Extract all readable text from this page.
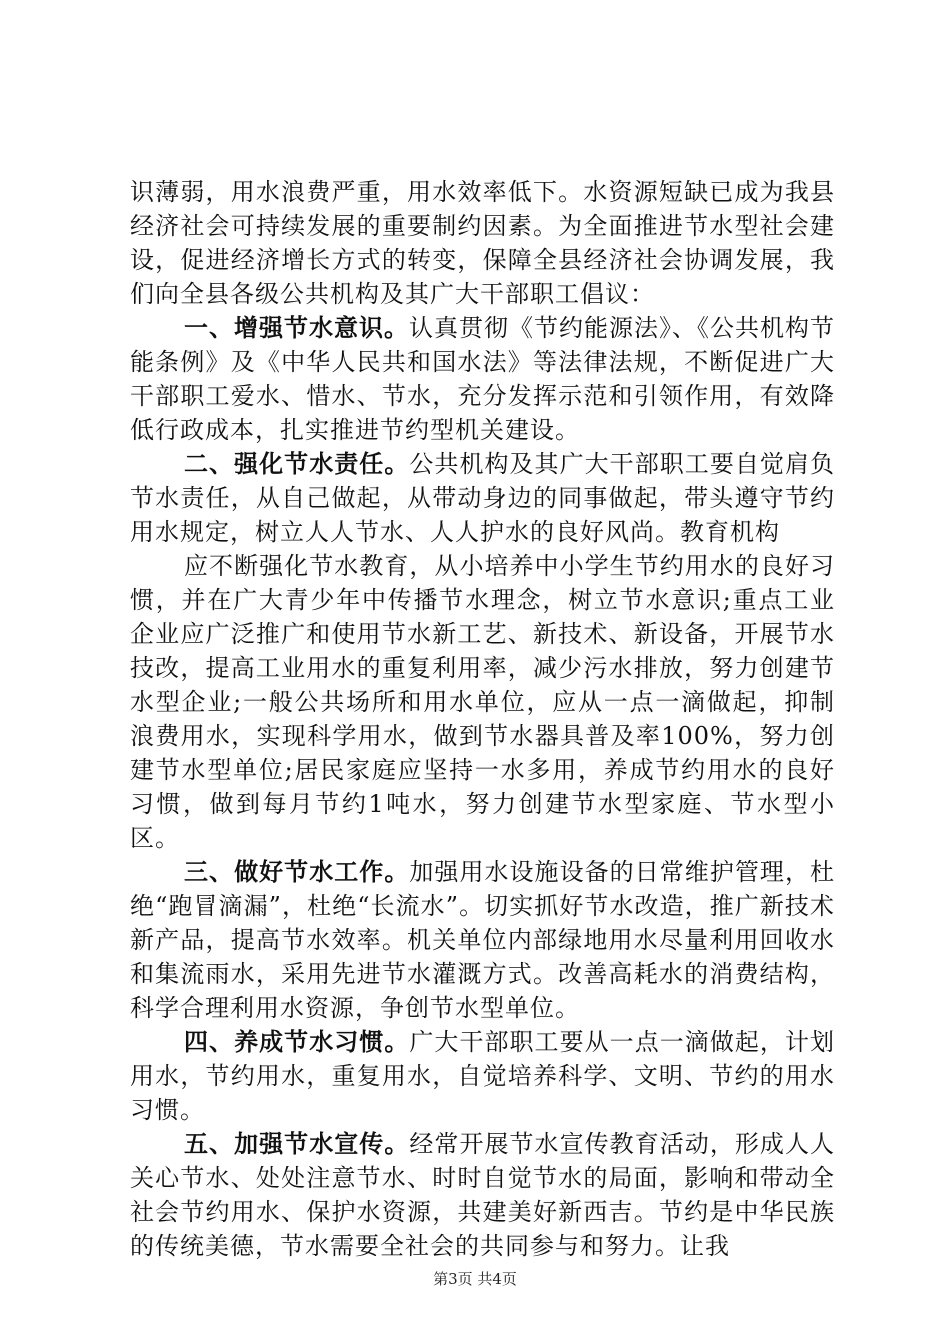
识薄弱，用水浪费严重，用水效率低下。水资源短缺已成为我县经济社会可持续发展的重要制约因素。为全面推进节水型社会建设，促进经济增长方式的转变，保障全县经济社会协调发展，我们向全县各级公共机构及其广大干部职工倡议：

一、增强节水意识。认真贯彻《节约能源法》、《公共机构节能条例》及《中华人民共和国水法》等法律法规，不断促进广大干部职工爱水、惜水、节水，充分发挥示范和引领作用，有效降低行政成本，扎实推进节约型机关建设。

二、强化节水责任。公共机构及其广大干部职工要自觉肩负节水责任，从自己做起，从带动身边的同事做起，带头遵守节约用水规定，树立人人节水、人人护水的良好风尚。教育机构

应不断强化节水教育，从小培养中小学生节约用水的良好习惯，并在广大青少年中传播节水理念，树立节水意识;重点工业企业应广泛推广和使用节水新工艺、新技术、新设备，开展节水技改，提高工业用水的重复利用率，减少污水排放，努力创建节水型企业;一般公共场所和用水单位，应从一点一滴做起，抑制浪费用水，实现科学用水，做到节水器具普及率100%，努力创建节水型单位;居民家庭应坚持一水多用，养成节约用水的良好习惯，做到每月节约1吨水，努力创建节水型家庭、节水型小区。

三、做好节水工作。加强用水设施设备的日常维护管理，杜绝“跑冒滴漏”，杜绝“长流水”。切实抓好节水改造，推广新技术新产品，提高节水效率。机关单位内部绿地用水尽量利用回收水和集流雨水，采用先进节水灌溉方式。改善高耗水的消费结构，科学合理利用水资源，争创节水型单位。

四、养成节水习惯。广大干部职工要从一点一滴做起，计划用水，节约用水，重复用水，自觉培养科学、文明、节约的用水习惯。

五、加强节水宣传。经常开展节水宣传教育活动，形成人人关心节水、处处注意节水、时时自觉节水的局面，影响和带动全社会节约用水、保护水资源，共建美好新西吉。节约是中华民族的传统美德，节水需要全社会的共同参与和努力。让我

第3页 共4页
